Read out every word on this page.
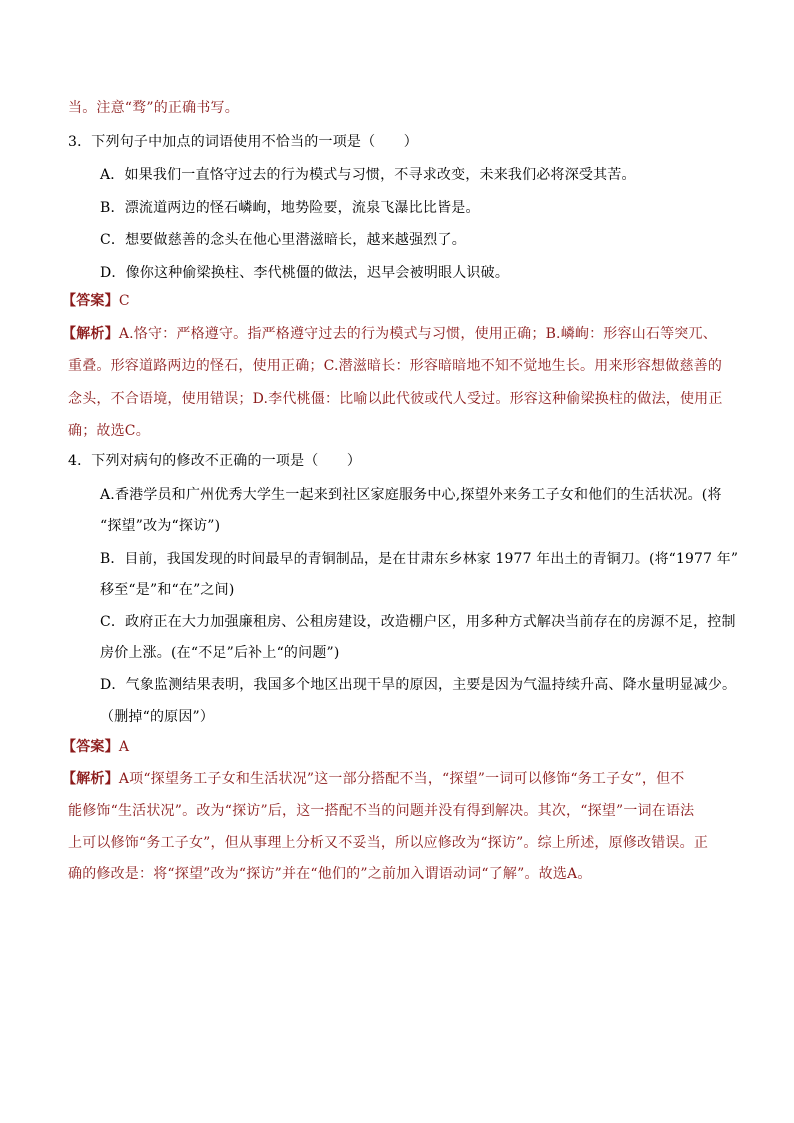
当。注意“骛”的正确书写。
3．下列句子中加点的词语使用不恰当的一项是（　　）
A．如果我们一直恪守过去的行为模式与习惯，不寻求改变，未来我们必将深受其苦。
B．漂流道两边的怪石嶙峋，地势险要，流泉飞瀑比比皆是。
C．想要做慈善的念头在他心里潜滋暗长，越来越强烈了。
D．像你这种偷梁换柱、李代桃僵的做法，迟早会被明眼人识破。
【答案】C
【解析】A.恪守：严格遵守。指严格遵守过去的行为模式与习惯，使用正确；B.嶙峋：形容山石等突兀、
重叠。形容道路两边的怪石，使用正确；C.潜滋暗长：形容暗暗地不知不觉地生长。用来形容想做慈善的
念头，不合语境，使用错误；D.李代桃僵：比喻以此代彼或代人受过。形容这种偷梁换柱的做法，使用正
确；故选C。
4．下列对病句的修改不正确的一项是（　　）
A.香港学员和广州优秀大学生一起来到社区家庭服务中心,探望外来务工子女和他们的生活状况。(将
“探望”改为“探访”)
B．目前，我国发现的时间最早的青铜制品，是在甘肃东乡林家 1977 年出土的青铜刀。(将“1977 年”
移至“是”和“在”之间)
C．政府正在大力加强廉租房、公租房建设，改造棚户区，用多种方式解决当前存在的房源不足，控制
房价上涨。(在“不足”后补上“的问题”)
D．气象监测结果表明，我国多个地区出现干旱的原因，主要是因为气温持续升高、降水量明显减少。
（删掉“的原因”）
【答案】A
【解析】A项“探望务工子女和生活状况”这一部分搭配不当，“探望”一词可以修饰“务工子女”，但不
能修饰“生活状况”。改为“探访”后，这一搭配不当的问题并没有得到解决。其次，“探望”一词在语法
上可以修饰“务工子女”，但从事理上分析又不妥当，所以应修改为“探访”。综上所述，原修改错误。正
确的修改是：将“探望”改为“探访”并在“他们的”之前加入谓语动词“了解”。故选A。
